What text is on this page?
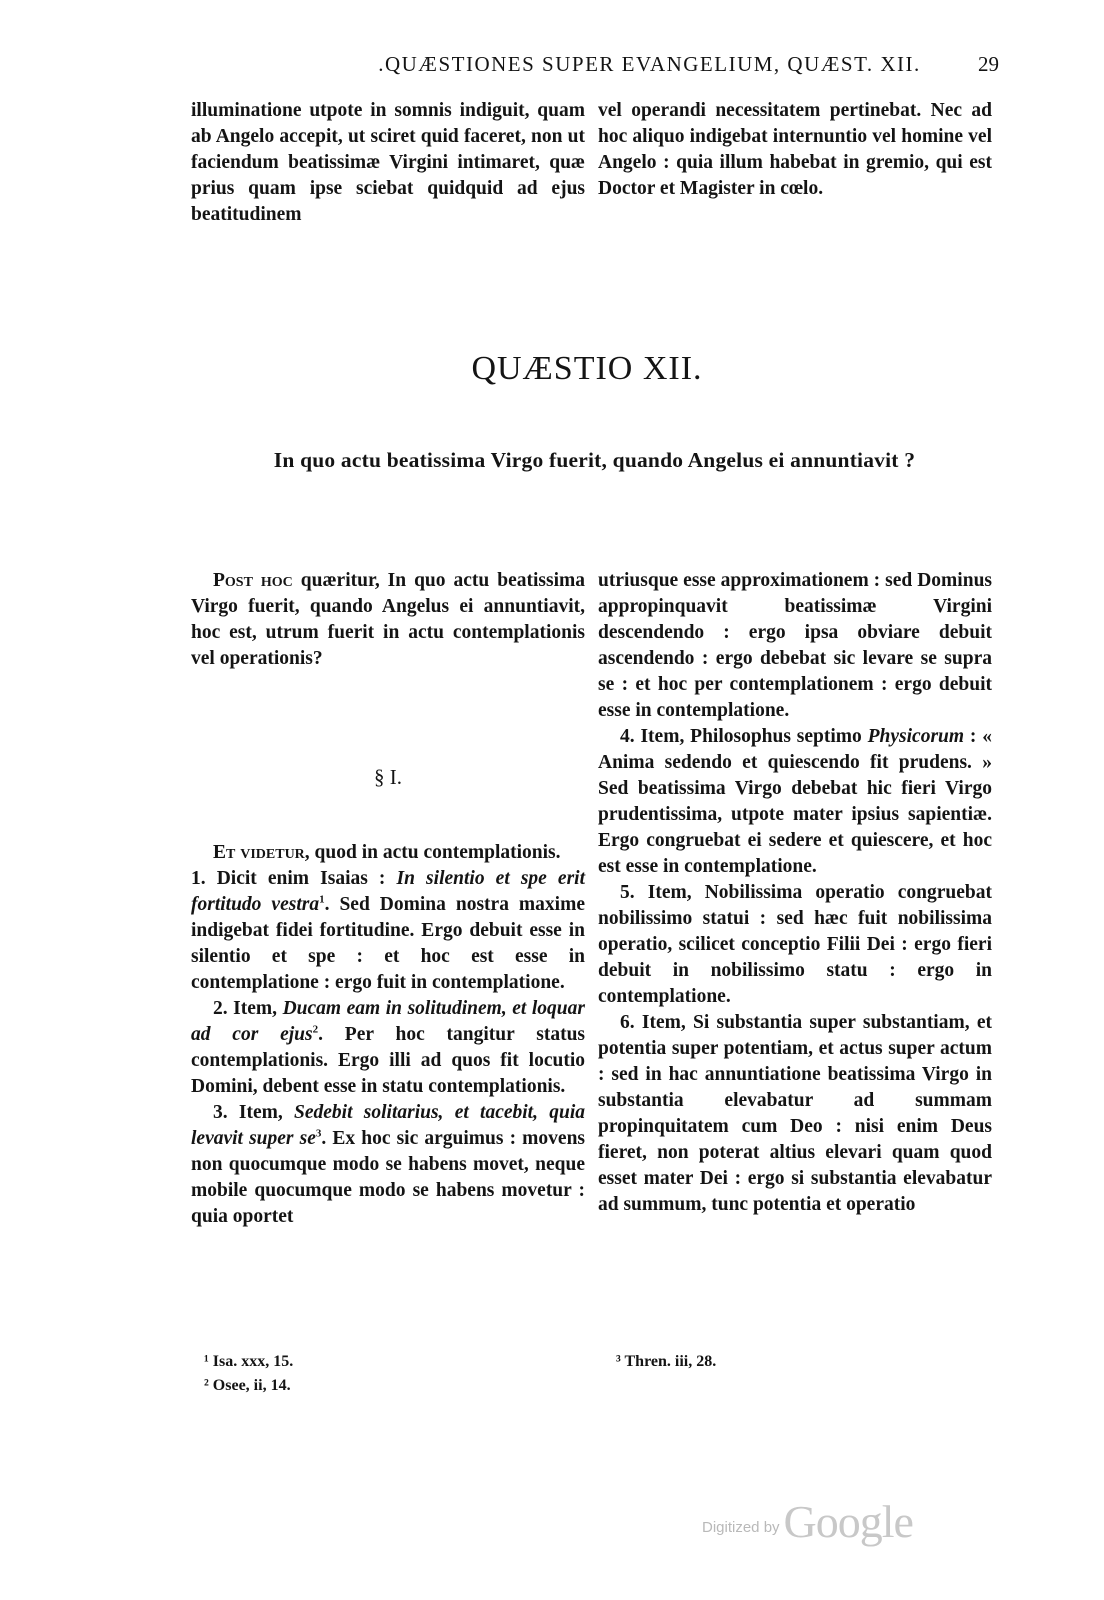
.QUÆSTIONES SUPER EVANGELIUM, QUÆST. XII.	29

illuminatione utpote in somnis indiguit, quam ab Angelo accepit, ut sciret quid faceret, non ut faciendum beatissimæ Virgini intimaret, quæ prius quam ipse sciebat quidquid ad ejus beatitudinem

vel operandi necessitatem pertinebat. Nec ad hoc aliquo indigebat internuntio vel homine vel Angelo : quia illum habebat in gremio, qui est Doctor et Magister in cœlo.

QUÆSTIO XII.
In quo actu beatissima Virgo fuerit, quando Angelus ei annuntiavit ?

Post hoc quæritur, In quo actu beatissima Virgo fuerit, quando Angelus ei annuntiavit, hoc est, utrum fuerit in actu contemplationis vel operationis?

§ I.

Et videtur, quod in actu contemplationis.

1. Dicit enim Isaias : In silentio et spe erit fortitudo vestra$^1$. Sed Domina nostra maxime indigebat fidei fortitudine. Ergo debuit esse in silentio et spe : et hoc est esse in contemplatione : ergo fuit in contemplatione.

2. Item, Ducam eam in solitudinem, et loquar ad cor ejus$^2$. Per hoc tangitur status contemplationis. Ergo illi ad quos fit locutio Domini, debent esse in statu contemplationis.

3. Item, Sedebit solitarius, et tacebit, quia levavit super $se^3$. Ex hoc sic arguimus : movens non quocumque modo se habens movet, neque mobile quocumque modo se habens movetur : quia oportet

utriusque esse approximationem : sed Dominus appropinquavit beatissimæ Virgini descendendo : ergo ipsa obviare debuit ascendendo : ergo debebat sic levare se supra se : et hoc per contemplationem : ergo debuit esse in contemplatione.

4. Item, Philosophus septimo Physicorum : « Anima sedendo et quiescendo fit prudens. » Sed beatissima Virgo debebat hic fieri Virgo prudentissima, utpote mater ipsius sapientiæ. Ergo congruebat ei sedere et quiescere, et hoc est esse in contemplatione.

5. Item, Nobilissima operatio congruebat nobilissimo statui : sed hæc fuit nobilissima operatio, scilicet conceptio Filii Dei : ergo fieri debuit in nobilissimo statu : ergo in contemplatione.

6. Item, Si substantia super substantiam, et potentia super potentiam, et actus super actum : sed in hac annuntiatione beatissima Virgo in substantia elevabatur ad summam propinquitatem cum Deo : nisi enim Deus fieret, non poterat altius elevari quam quod esset mater Dei : ergo si substantia elevabatur ad summum, tunc potentia et operatio

¹ Isa. xxx, 15.
² Osee, ii, 14.
³ Thren. iii, 28.
Digitized by Google
